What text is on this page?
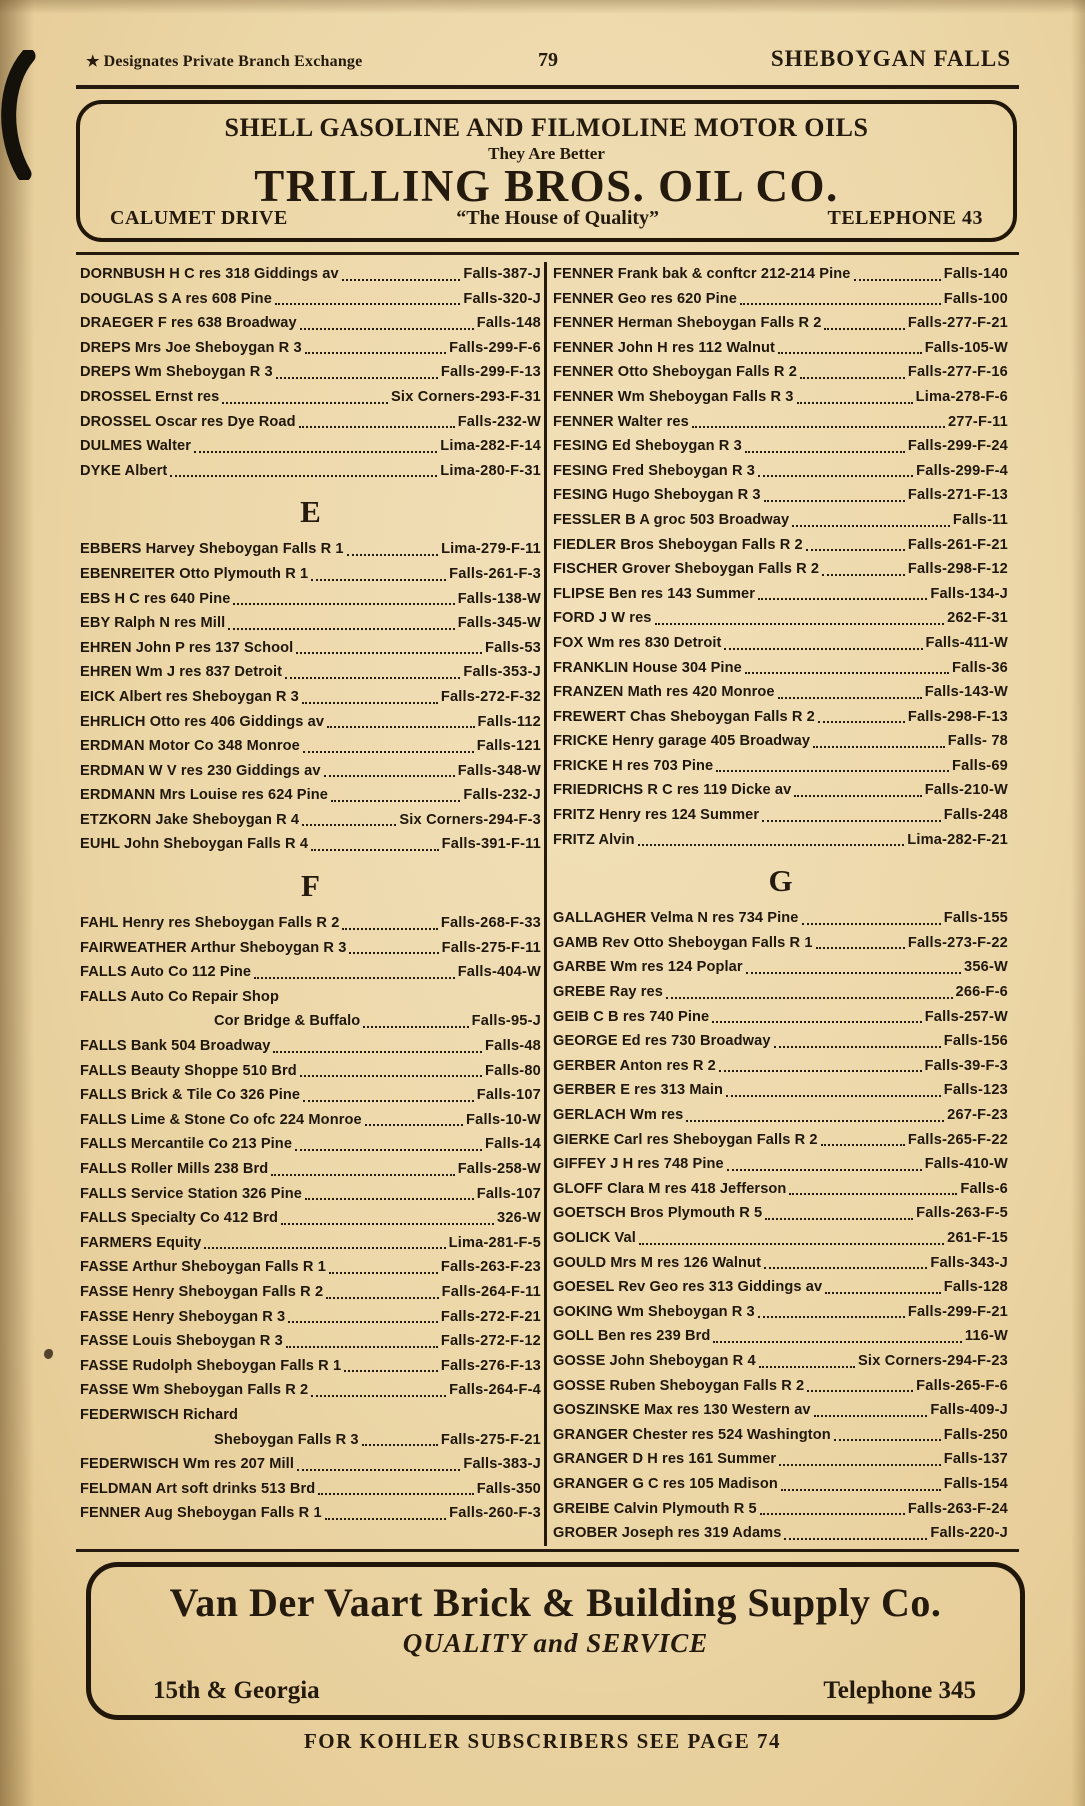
★ Designates Private Branch Exchange	79	SHEBOYGAN FALLS
SHELL GASOLINE AND FILMOLINE MOTOR OILS
They Are Better
TRILLING BROS. OIL CO.
CALUMET DRIVE	“The House of Quality”	TELEPHONE 43
DORNBUSH H C res 318 Giddings av	Falls-387-J
DOUGLAS S A res 608 Pine	Falls-320-J
DRAEGER F res 638 Broadway	Falls-148
DREPS Mrs Joe Sheboygan R 3	Falls-299-F-6
DREPS Wm Sheboygan R 3	Falls-299-F-13
DROSSEL Ernst res	Six Corners-293-F-31
DROSSEL Oscar res Dye Road	Falls-232-W
DULMES Walter	Lima-282-F-14
DYKE Albert	Lima-280-F-31
E
EBBERS Harvey Sheboygan Falls R 1	Lima-279-F-11
EBENREITER Otto Plymouth R 1	Falls-261-F-3
EBS H C res 640 Pine	Falls-138-W
EBY Ralph N res Mill	Falls-345-W
EHREN John P res 137 School	Falls-53
EHREN Wm J res 837 Detroit	Falls-353-J
EICK Albert res Sheboygan R 3	Falls-272-F-32
EHRLICH Otto res 406 Giddings av	Falls-112
ERDMAN Motor Co 348 Monroe	Falls-121
ERDMAN W V res 230 Giddings av	Falls-348-W
ERDMANN Mrs Louise res 624 Pine	Falls-232-J
ETZKORN Jake Sheboygan R 4	Six Corners-294-F-3
EUHL John Sheboygan Falls R 4	Falls-391-F-11
F
FAHL Henry res Sheboygan Falls R 2	Falls-268-F-33
FAIRWEATHER Arthur Sheboygan R 3	Falls-275-F-11
FALLS Auto Co 112 Pine	Falls-404-W
FALLS Auto Co Repair Shop
Cor Bridge & Buffalo	Falls-95-J
FALLS Bank 504 Broadway	Falls-48
FALLS Beauty Shoppe 510 Brd	Falls-80
FALLS Brick & Tile Co 326 Pine	Falls-107
FALLS Lime & Stone Co ofc 224 Monroe	Falls-10-W
FALLS Mercantile Co 213 Pine	Falls-14
FALLS Roller Mills 238 Brd	Falls-258-W
FALLS Service Station 326 Pine	Falls-107
FALLS Specialty Co 412 Brd	326-W
FARMERS Equity	Lima-281-F-5
FASSE Arthur Sheboygan Falls R 1	Falls-263-F-23
FASSE Henry Sheboygan Falls R 2	Falls-264-F-11
FASSE Henry Sheboygan R 3	Falls-272-F-21
FASSE Louis Sheboygan R 3	Falls-272-F-12
FASSE Rudolph Sheboygan Falls R 1	Falls-276-F-13
FASSE Wm Sheboygan Falls R 2	Falls-264-F-4
FEDERWISCH Richard
Sheboygan Falls R 3	Falls-275-F-21
FEDERWISCH Wm res 207 Mill	Falls-383-J
FELDMAN Art soft drinks 513 Brd	Falls-350
FENNER Aug Sheboygan Falls R 1	Falls-260-F-3
FENNER Frank bak & conftcr 212-214 Pine	Falls-140
FENNER Geo res 620 Pine	Falls-100
FENNER Herman Sheboygan Falls R 2	Falls-277-F-21
FENNER John H res 112 Walnut	Falls-105-W
FENNER Otto Sheboygan Falls R 2	Falls-277-F-16
FENNER Wm Sheboygan Falls R 3	Lima-278-F-6
FENNER Walter res	277-F-11
FESING Ed Sheboygan R 3	Falls-299-F-24
FESING Fred Sheboygan R 3	Falls-299-F-4
FESING Hugo Sheboygan R 3	Falls-271-F-13
FESSLER B A groc 503 Broadway	Falls-11
FIEDLER Bros Sheboygan Falls R 2	Falls-261-F-21
FISCHER Grover Sheboygan Falls R 2	Falls-298-F-12
FLIPSE Ben res 143 Summer	Falls-134-J
FORD J W res	262-F-31
FOX Wm res 830 Detroit	Falls-411-W
FRANKLIN House 304 Pine	Falls-36
FRANZEN Math res 420 Monroe	Falls-143-W
FREWERT Chas Sheboygan Falls R 2	Falls-298-F-13
FRICKE Henry garage 405 Broadway	Falls- 78
FRICKE H res 703 Pine	Falls-69
FRIEDRICHS R C res 119 Dicke av	Falls-210-W
FRITZ Henry res 124 Summer	Falls-248
FRITZ Alvin	Lima-282-F-21
G
GALLAGHER Velma N res 734 Pine	Falls-155
GAMB Rev Otto Sheboygan Falls R 1	Falls-273-F-22
GARBE Wm res 124 Poplar	356-W
GREBE Ray res	266-F-6
GEIB C B res 740 Pine	Falls-257-W
GEORGE Ed res 730 Broadway	Falls-156
GERBER Anton res R 2	Falls-39-F-3
GERBER E res 313 Main	Falls-123
GERLACH Wm res	267-F-23
GIERKE Carl res Sheboygan Falls R 2	Falls-265-F-22
GIFFEY J H res 748 Pine	Falls-410-W
GLOFF Clara M res 418 Jefferson	Falls-6
GOETSCH Bros Plymouth R 5	Falls-263-F-5
GOLICK Val	261-F-15
GOULD Mrs M res 126 Walnut	Falls-343-J
GOESEL Rev Geo res 313 Giddings av	Falls-128
GOKING Wm Sheboygan R 3	Falls-299-F-21
GOLL Ben res 239 Brd	116-W
GOSSE John Sheboygan R 4	Six Corners-294-F-23
GOSSE Ruben Sheboygan Falls R 2	Falls-265-F-6
GOSZINSKE Max res 130 Western av	Falls-409-J
GRANGER Chester res 524 Washington	Falls-250
GRANGER D H res 161 Summer	Falls-137
GRANGER G C res 105 Madison	Falls-154
GREIBE Calvin Plymouth R 5	Falls-263-F-24
GROBER Joseph res 319 Adams	Falls-220-J
Van Der Vaart Brick & Building Supply Co.
QUALITY and SERVICE
15th & Georgia	Telephone 345
FOR KOHLER SUBSCRIBERS SEE PAGE 74
